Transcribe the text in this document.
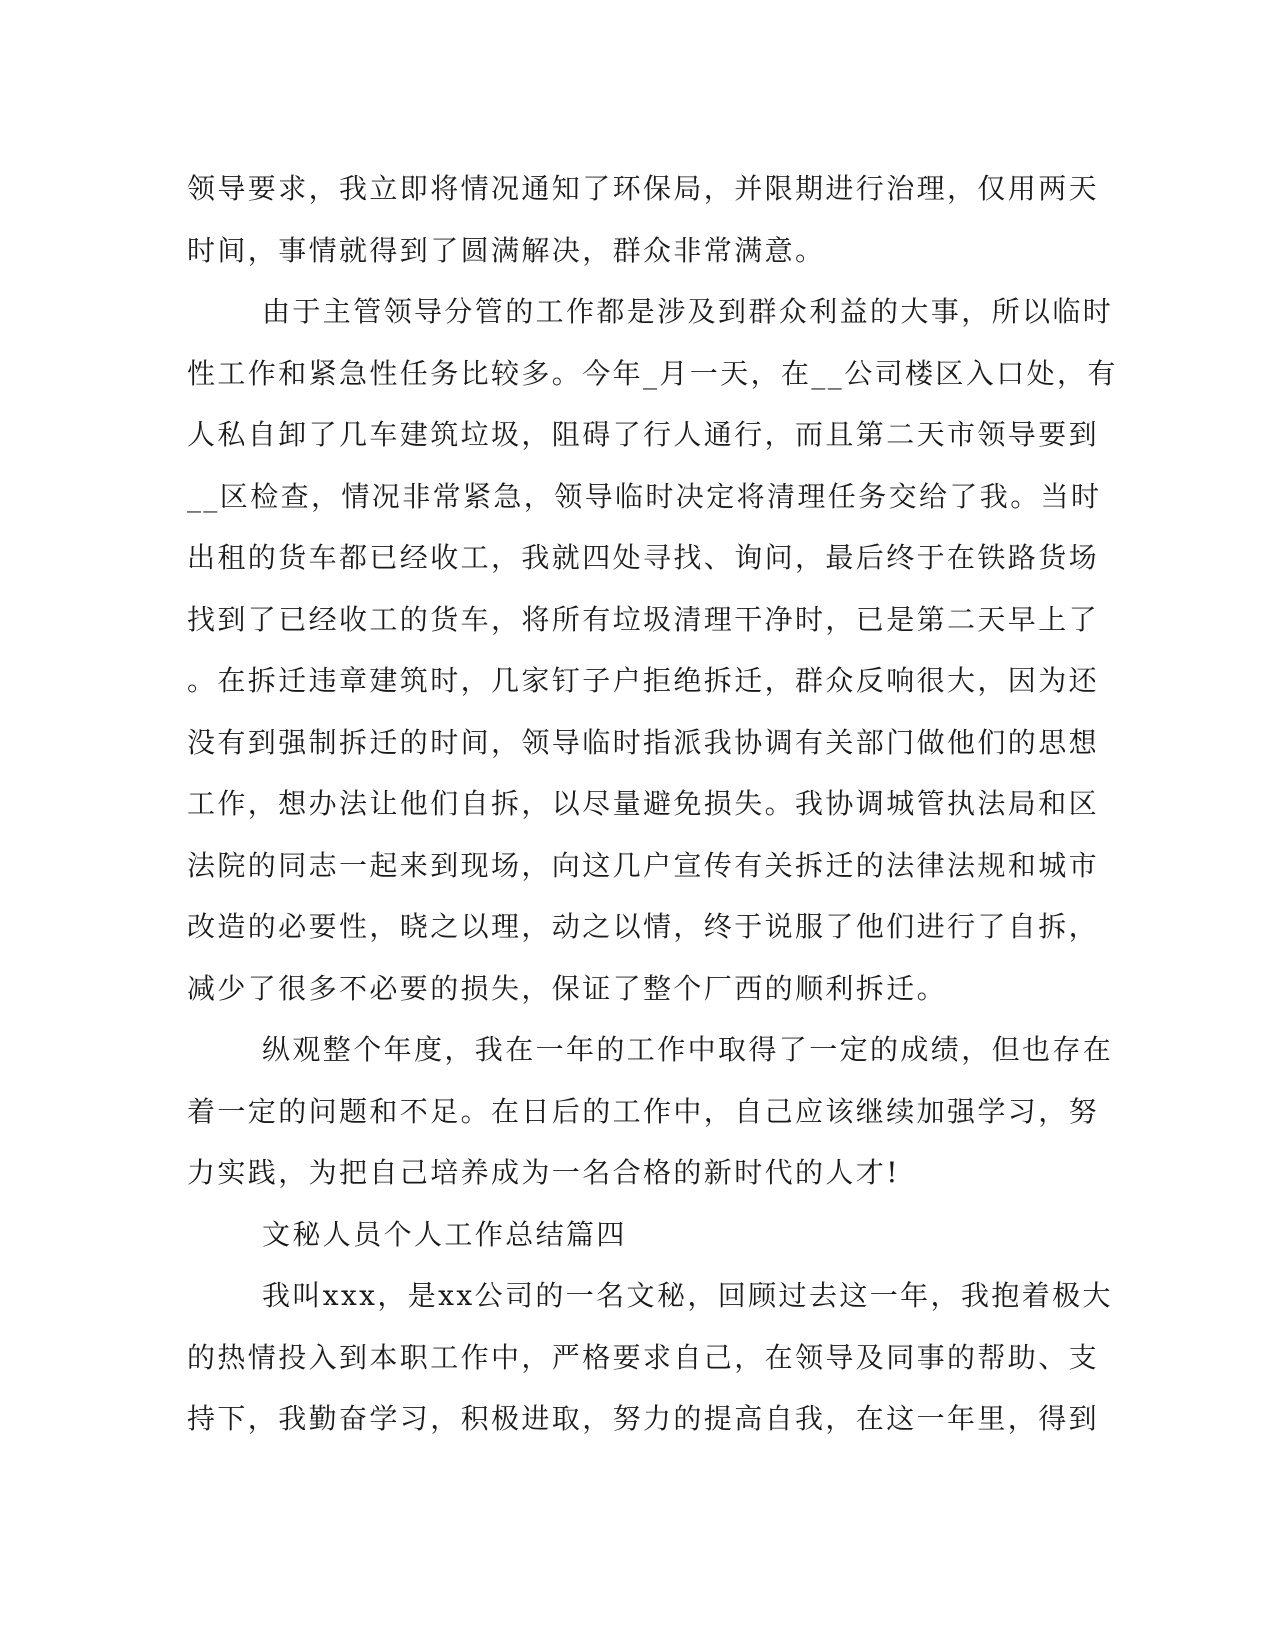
领导要求，我立即将情况通知了环保局，并限期进行治理，仅用两天
时间，事情就得到了圆满解决，群众非常满意。
由于主管领导分管的工作都是涉及到群众利益的大事，所以临时
性工作和紧急性任务比较多。今年_月一天，在__公司楼区入口处，有
人私自卸了几车建筑垃圾，阻碍了行人通行，而且第二天市领导要到
__区检查，情况非常紧急，领导临时决定将清理任务交给了我。当时
出租的货车都已经收工，我就四处寻找、询问，最后终于在铁路货场
找到了已经收工的货车，将所有垃圾清理干净时，已是第二天早上了
。在拆迁违章建筑时，几家钉子户拒绝拆迁，群众反响很大，因为还
没有到强制拆迁的时间，领导临时指派我协调有关部门做他们的思想
工作，想办法让他们自拆，以尽量避免损失。我协调城管执法局和区
法院的同志一起来到现场，向这几户宣传有关拆迁的法律法规和城市
改造的必要性，晓之以理，动之以情，终于说服了他们进行了自拆，
减少了很多不必要的损失，保证了整个厂西的顺利拆迁。
纵观整个年度，我在一年的工作中取得了一定的成绩，但也存在
着一定的问题和不足。在日后的工作中，自己应该继续加强学习，努
力实践，为把自己培养成为一名合格的新时代的人才!
文秘人员个人工作总结篇四
我叫xxx，是xx公司的一名文秘，回顾过去这一年，我抱着极大
的热情投入到本职工作中，严格要求自己，在领导及同事的帮助、支
持下，我勤奋学习，积极进取，努力的提高自我，在这一年里，得到
